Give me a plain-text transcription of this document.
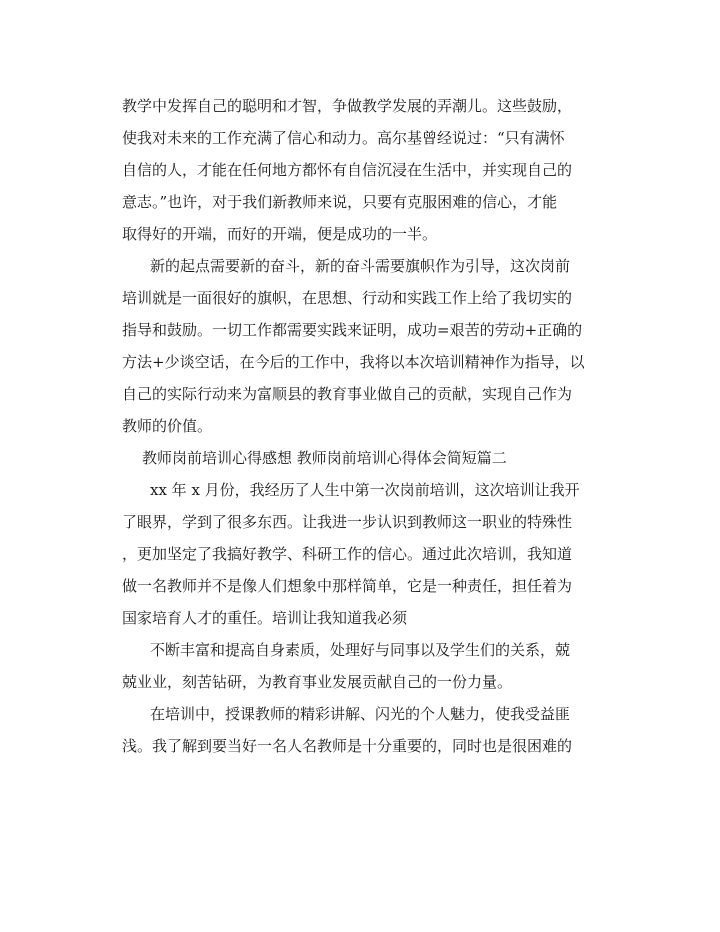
教学中发挥自己的聪明和才智，争做教学发展的弄潮儿。这些鼓励，
使我对未来的工作充满了信心和动力。高尔基曾经说过：“只有满怀
自信的人，才能在任何地方都怀有自信沉浸在生活中，并实现自己的
意志。”也许，对于我们新教师来说，只要有克服困难的信心，才能
取得好的开端，而好的开端，便是成功的一半。
新的起点需要新的奋斗，新的奋斗需要旗帜作为引导，这次岗前
培训就是一面很好的旗帜，在思想、行动和实践工作上给了我切实的
指导和鼓励。一切工作都需要实践来证明，成功=艰苦的劳动+正确的
方法+少谈空话，在今后的工作中，我将以本次培训精神作为指导，以
自己的实际行动来为富顺县的教育事业做自己的贡献，实现自己作为
教师的价值。
教师岗前培训心得感想 教师岗前培训心得体会简短篇二
xx 年 x 月份，我经历了人生中第一次岗前培训，这次培训让我开
了眼界，学到了很多东西。让我进一步认识到教师这一职业的特殊性
，更加坚定了我搞好教学、科研工作的信心。通过此次培训，我知道
做一名教师并不是像人们想象中那样简单，它是一种责任，担任着为
国家培育人才的重任。培训让我知道我必须
不断丰富和提高自身素质，处理好与同事以及学生们的关系，兢
兢业业，刻苦钻研，为教育事业发展贡献自己的一份力量。
在培训中，授课教师的精彩讲解、闪光的个人魅力，使我受益匪
浅。我了解到要当好一名人名教师是十分重要的，同时也是很困难的
